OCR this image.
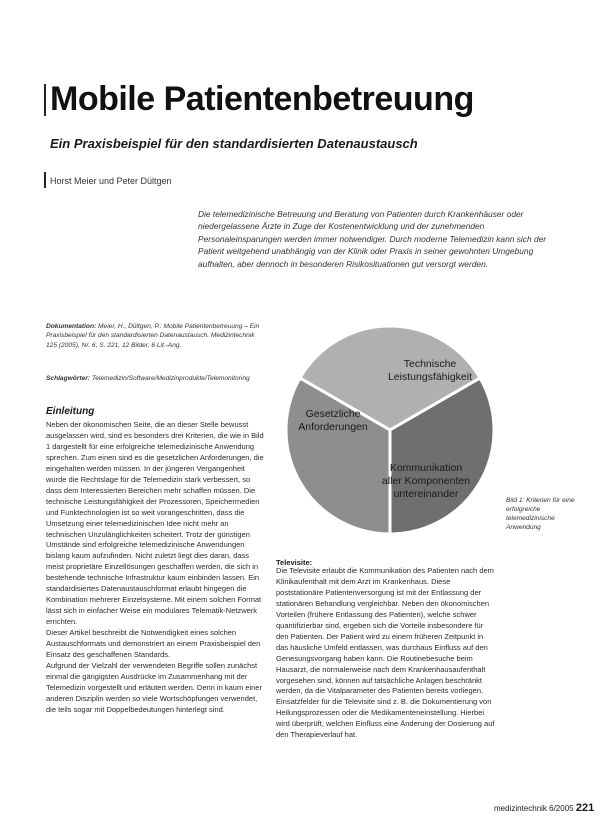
Mobile Patientenbetreuung
Ein Praxisbeispiel für den standardisierten Datenaustausch
Horst Meier und Peter Dültgen
Die telemedizinische Betreuung und Beratung von Patienten durch Krankenhäuser oder niedergelassene Ärzte in Zuge der Kostenentwicklung und der zunehmenden Personaleinsparungen werden immer notwendiger. Durch moderne Telemedizin kann sich der Patient weitgehend unabhängig von der Klinik oder Praxis in seiner gewohnten Umgebung aufhalten, aber dennoch in besonderen Risikosituationen gut versorgt werden.
Dokumentation: Meier, H., Dültgen, P.: Mobile Patientenbetreuung – Ein Praxisbeispiel für den standardisierten Datenaustausch. Medizintechnik 125 (2005), Nr. 6, S. 221, 12 Bilder, 6 Lit.-Ang.
Schlagwörter: Telemedizin/Software/Medizinprodukte/Telemonitoring
Einleitung

Neben der ökonomischen Seite, die an dieser Stelle bewusst ausgelassen wird, sind es besonders drei Kriterien, die wie in Bild 1 dargestellt für eine erfolgreiche telemedizinische Anwendung sprechen. Zum einen sind es die gesetzlichen Anforderungen, die eingehalten werden müssen. In der jüngeren Vergangenheit wurde die Rechtslage für die Telemedizin stark verbessert, so dass dem Interessierten Bereichen mehr schaffen müssen. Die technische Leistungsfähigkeit der Prozessoren, Speichermedien und Funktechnologien ist so weit vorangeschritten, dass die Umsetzung einer telemedizinischen Idee nicht mehr an technischen Unzulänglichkeiten scheitert. Trotz der günstigen Umstände sind erfolgreiche telemedizinische Anwendungen bislang kaum aufzufinden. Nicht zuletzt liegt dies daran, dass meist proprietäre Einzellösungen geschaffen werden, die sich in bestehende technische Infrastruktur kaum einbinden lassen. Ein standardisiertes Datenaustauschformat erlaubt hingegen die Kombination mehrerer Einzelsysteme. Mit einem solchen Format lässt sich in einfacher Weise ein modulares Telematik-Netzwerk errichten.

Dieser Artikel beschreibt die Notwendigkeit eines solchen Austauschformats und demonstriert an einem Praxisbeispiel den Einsatz des geschaffenen Standards.

Aufgrund der Vielzahl der verwendeten Begriffe sollen zunächst einmal die gängigsten Ausdrücke im Zusammenhang mit der Telemedizin vorgestellt und erläutert werden. Denn in kaum einer anderen Disziplin werden so viele Wortschöpfungen verwendet, die teils sogar mit Doppelbedeutungen hinterlegt sind.

Technische
Leistungsfähigkeit
Gesetzliche
Anforderungen
Kommunikation
aller Komponenten
untereinander
Bild 1: Kriterien für eine erfolgreiche telemedizinische Anwendung
Televisite:

Die Televisite erlaubt die Kommunikation des Patienten nach dem Klinikaufenthalt mit dem Arzt im Krankenhaus. Diese poststationäre Patientenversorgung ist mit der Entlassung der stationären Behandlung vergleichbar. Neben den ökonomischen Vorteilen (frühere Entlassung des Patienten), welche schwer quantifizierbar sind, ergeben sich die Vorteile insbesondere für den Patienten. Der Patient wird zu einem früheren Zeitpunkt in das häusliche Umfeld entlassen, was durchaus Einfluss auf den Genesungsvorgang haben kann. Die Routinebesuche beim Hausarzt, die normalerweise nach dem Krankenhausaufenthalt vorgesehen sind, können auf tatsächliche Anlagen beschränkt werden, da die Vitalparameter des Patienten bereits vorliegen.

Einsatzfelder für die Televisite sind z. B. die Dokumentierung von Heilungsprozessen oder die Medikamenteneinstellung. Hierbei wird überprüft, welchen Einfluss eine Änderung der Dosierung auf den Therapieverlauf hat.

medizintechnik 6/2005 221
